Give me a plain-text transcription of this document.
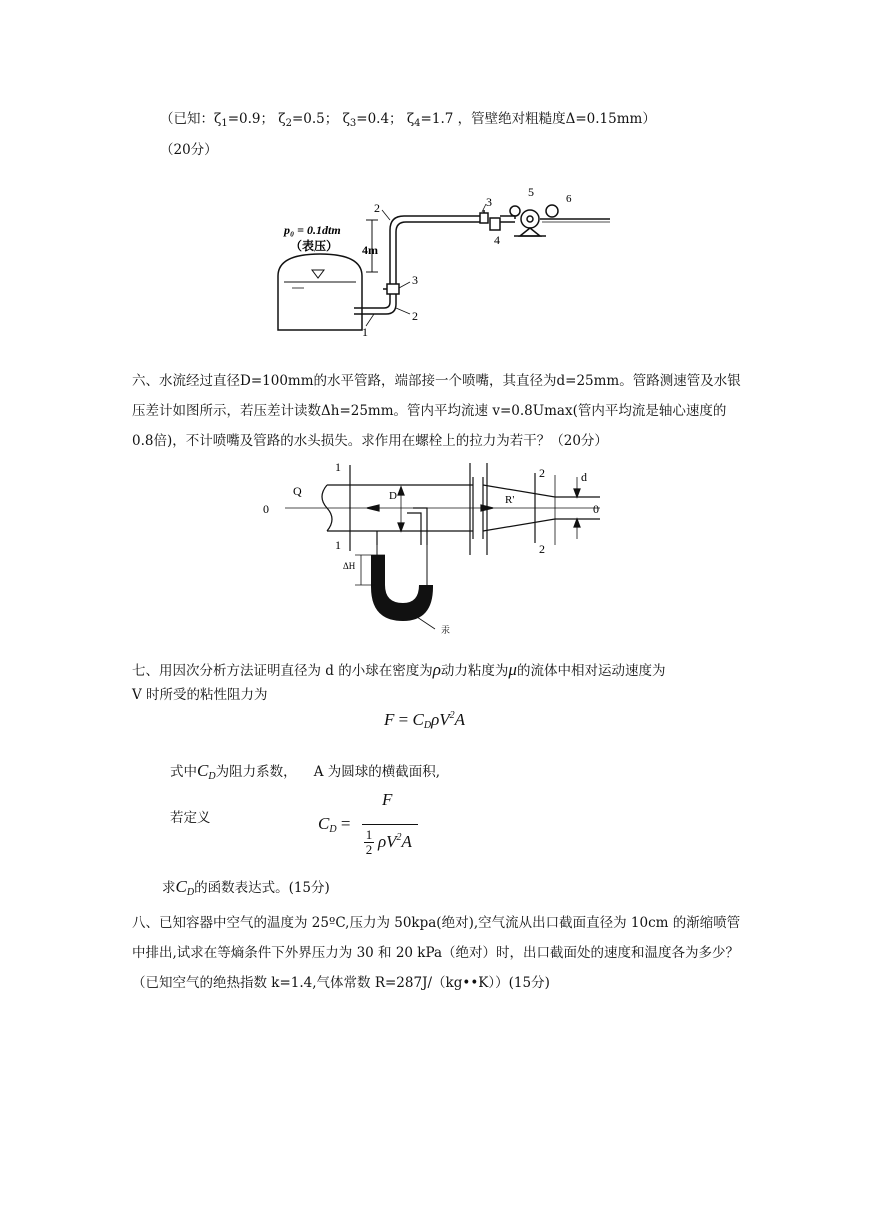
（已知：$\zeta_1=0.9$； $\zeta_2=0.5$； $\zeta_3=0.4$； $\zeta_4=1.7$ ，管壁绝对粗糙度Δ=0.15mm）
（20分）
p₀ = 0.1dtm
（表压） 4m
1
2
3
2	3
4
5	6
六、水流经过直径D=100mm的水平管路，端部接一个喷嘴，其直径为d=25mm。管路测速管及水银压差计如图所示，若压差计读数Δh=25mm。管内平均流速 v=0.8Umax(管内平均流是轴心速度的0.8倍)，不计喷嘴及管路的水头损失。求作用在螺栓上的拉力为若干？（20分）
1
1
2
2
Q	D	R'
d
0	0
ΔH
汞
七、用因次分析方法证明直径为 d 的小球在密度为ρ动力粘度为μ的流体中相对运动速度为
V 时所受的粘性阻力为
$F = C_D\rho V^2A$
式中$C_D$为阻力系数， A 为圆球的横截面积,
若定义	$C_D$ =
F
1
2 $\rho V^2A$
求$C_D$的函数表达式。(15分)
八、已知容器中空气的温度为 25ºC,压力为 50kpa(绝对),空气流从出口截面直径为 10cm 的渐缩喷管中排出,试求在等熵条件下外界压力为 30 和 20 kPa（绝对）时，出口截面处的速度和温度各为多少？（已知空气的绝热指数 k=1.4,气体常数 R=287J/（kg••K））(15分)
